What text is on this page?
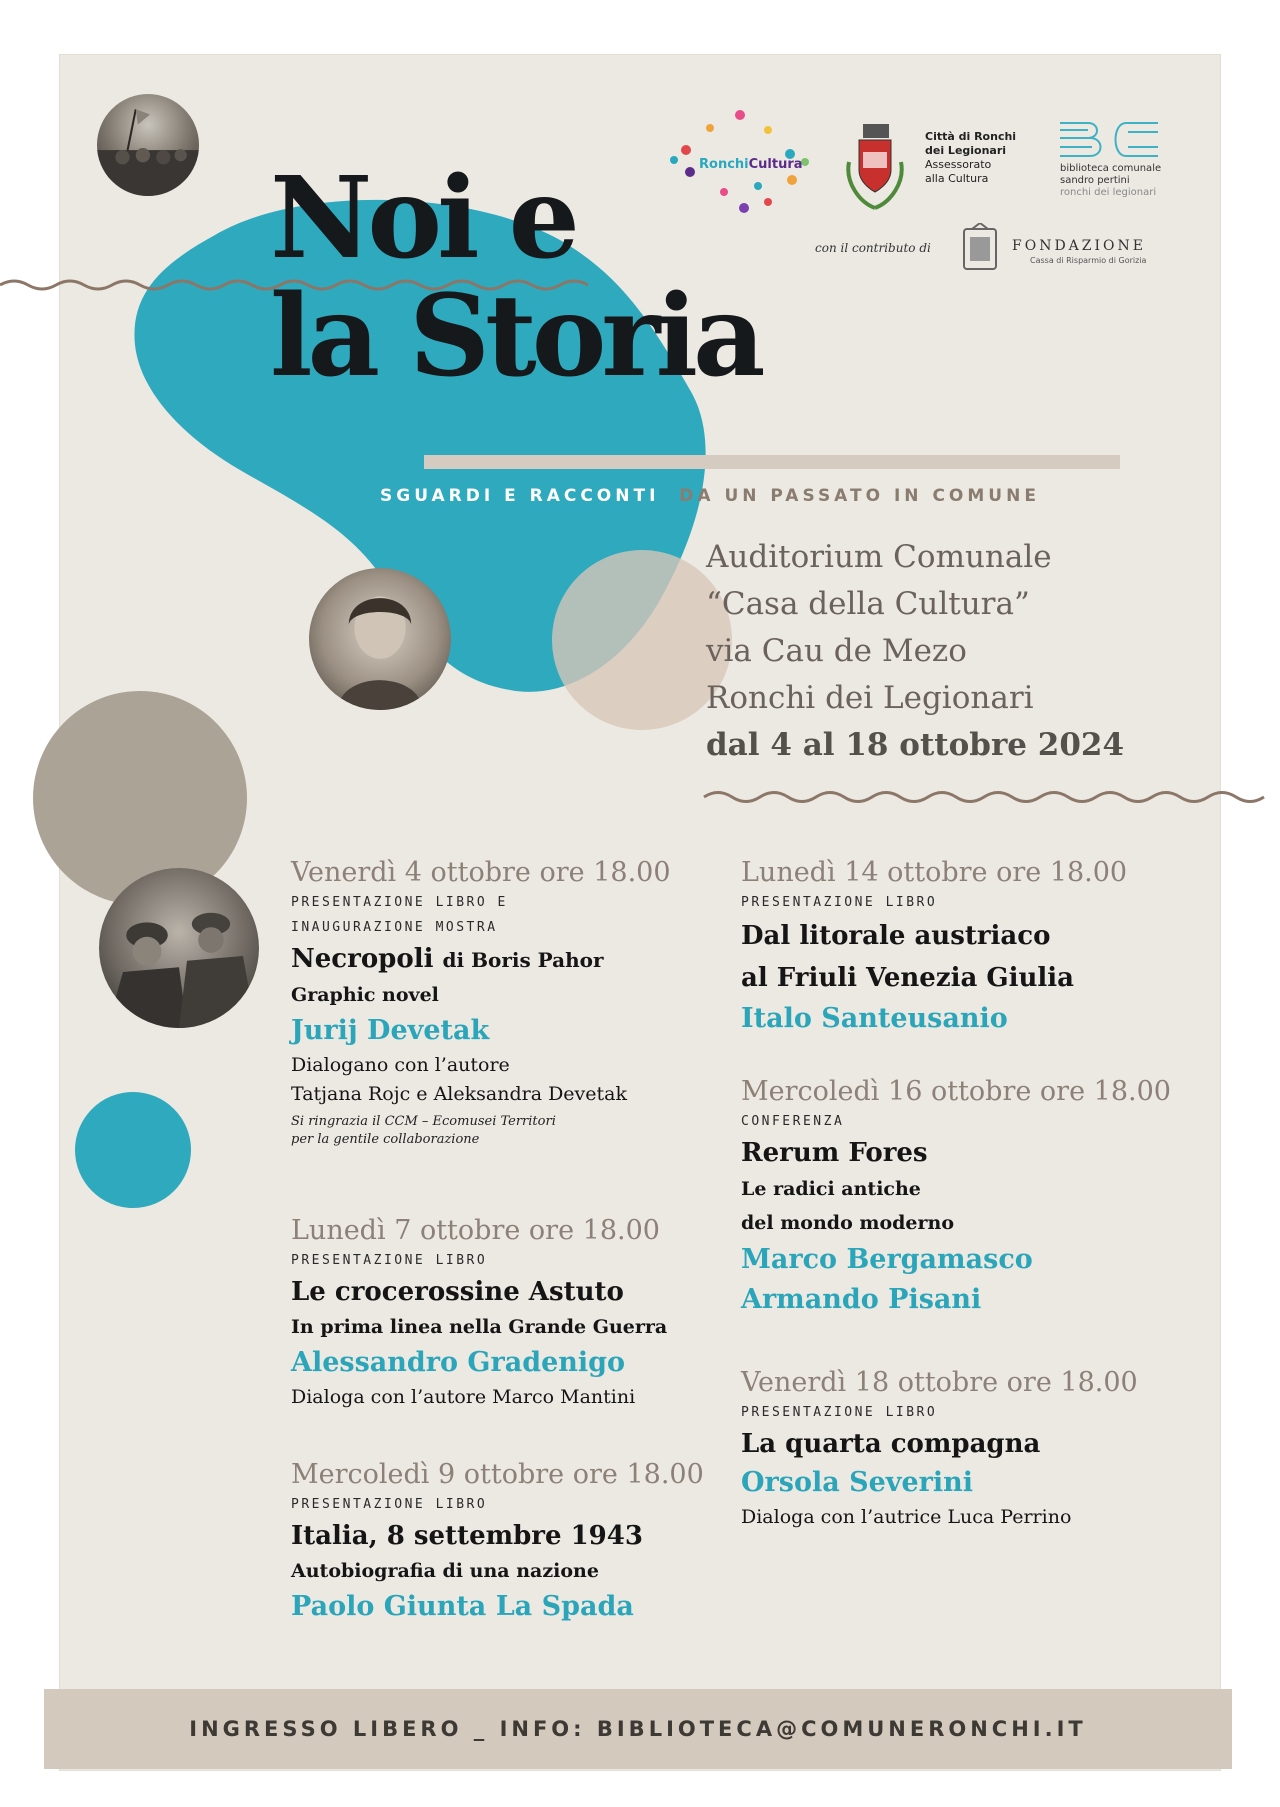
RonchiCultura
Città di Ronchi
dei Legionari
Assessorato
alla Cultura
biblioteca comunale
sandro pertini
ronchi dei legionari
con il contributo di	FONDAZIONE
Cassa di Risparmio di Gorizia
Noi e
la Storia
SGUARDI E RACCONTI DA UN PASSATO IN COMUNE
Auditorium Comunale
“Casa della Cultura”
via Cau de Mezo
Ronchi dei Legionari
dal 4 al 18 ottobre 2024
Venerdì 4 ottobre ore 18.00
PRESENTAZIONE LIBRO E
INAUGURAZIONE MOSTRA
Necropoli di Boris Pahor
Graphic novel
Jurij Devetak
Dialogano con l’autore
Tatjana Rojc e Aleksandra Devetak
Si ringrazia il CCM – Ecomusei Territori
per la gentile collaborazione
Lunedì 7 ottobre ore 18.00
PRESENTAZIONE LIBRO
Le crocerossine Astuto
In prima linea nella Grande Guerra
Alessandro Gradenigo
Dialoga con l’autore Marco Mantini
Mercoledì 9 ottobre ore 18.00
PRESENTAZIONE LIBRO
Italia, 8 settembre 1943
Autobiografia di una nazione
Paolo Giunta La Spada
Lunedì 14 ottobre ore 18.00
PRESENTAZIONE LIBRO
Dal litorale austriaco
al Friuli Venezia Giulia
Italo Santeusanio
Mercoledì 16 ottobre ore 18.00
CONFERENZA
Rerum Fores
Le radici antiche
del mondo moderno
Marco Bergamasco
Armando Pisani
Venerdì 18 ottobre ore 18.00
PRESENTAZIONE LIBRO
La quarta compagna
Orsola Severini
Dialoga con l’autrice Luca Perrino
INGRESSO LIBERO _ INFO: BIBLIOTECA@COMUNERONCHI.IT
